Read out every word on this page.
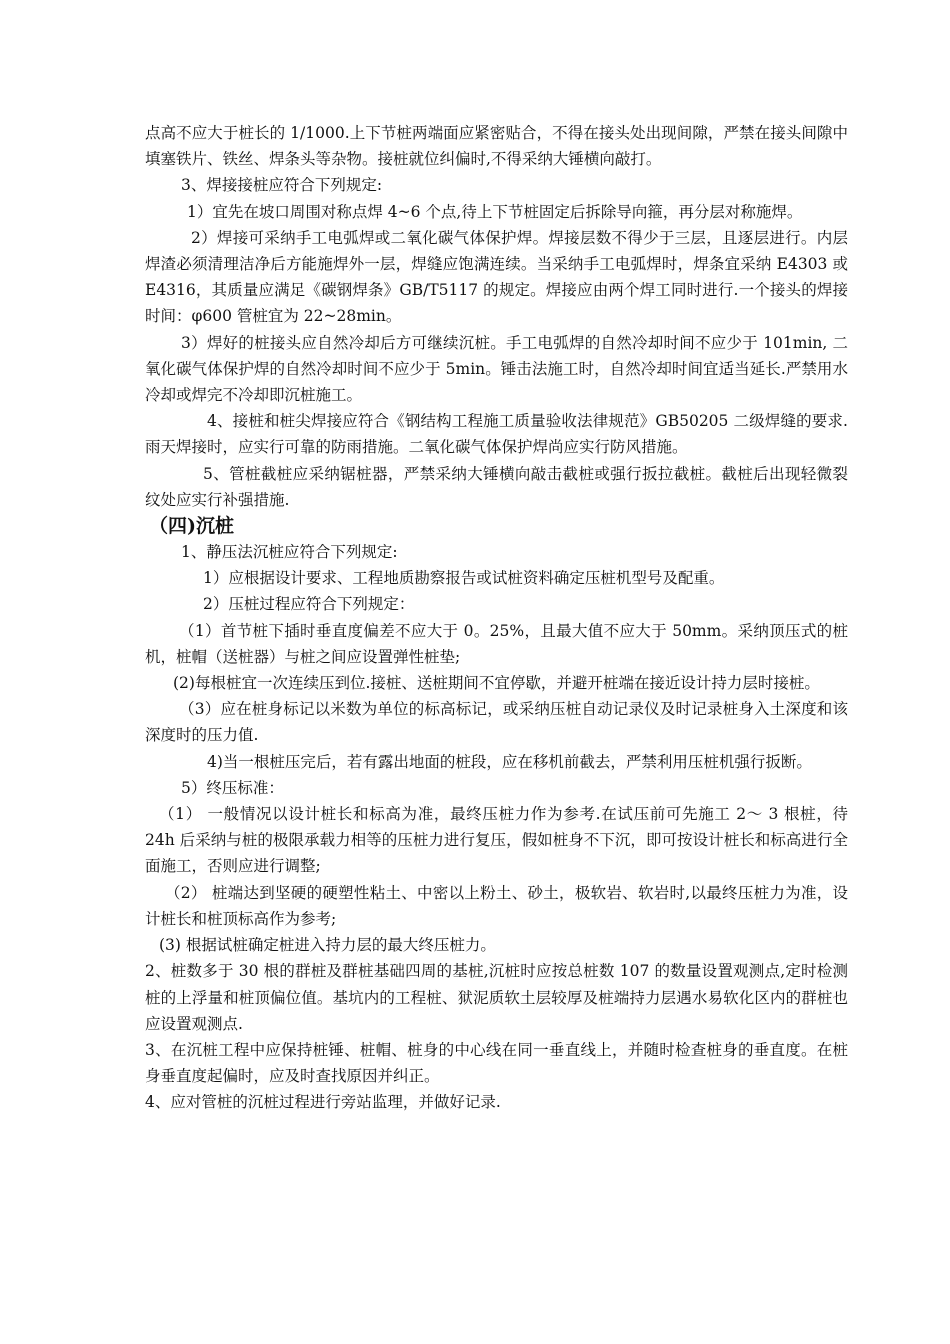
点高不应大于桩长的 1/1000.上下节桩两端面应紧密贴合，不得在接头处出现间隙，严禁在接头间隙中填塞铁片、铁丝、焊条头等杂物。接桩就位纠偏时,不得采纳大锤横向敲打。

3、焊接接桩应符合下列规定:

1）宜先在坡口周围对称点焊 4~6 个点,待上下节桩固定后拆除导向箍，再分层对称施焊。

2）焊接可采纳手工电弧焊或二氧化碳气体保护焊。焊接层数不得少于三层，且逐层进行。内层焊渣必须清理洁净后方能施焊外一层，焊缝应饱满连续。当采纳手工电弧焊时，焊条宜采纳 E4303 或 E4316，其质量应满足《碳钢焊条》GB/T5117 的规定。焊接应由两个焊工同时进行.一个接头的焊接时间：φ600 管桩宜为 22~28min。

3）焊好的桩接头应自然冷却后方可继续沉桩。手工电弧焊的自然冷却时间不应少于 101min, 二氧化碳气体保护焊的自然冷却时间不应少于 5min。锤击法施工时，自然冷却时间宜适当延长.严禁用水冷却或焊完不冷却即沉桩施工。

4、接桩和桩尖焊接应符合《钢结构工程施工质量验收法律规范》GB50205 二级焊缝的要求.雨天焊接时，应实行可靠的防雨措施。二氧化碳气体保护焊尚应实行防风措施。

5、管桩截桩应采纳锯桩器，严禁采纳大锤横向敲击截桩或强行扳拉截桩。截桩后出现轻微裂纹处应实行补强措施.

（四)沉桩

1、静压法沉桩应符合下列规定:

1）应根据设计要求、工程地质勘察报告或试桩资料确定压桩机型号及配重。

2）压桩过程应符合下列规定：

（1）首节桩下插时垂直度偏差不应大于 0。25%，且最大值不应大于 50mm。采纳顶压式的桩机，桩帽（送桩器）与桩之间应设置弹性桩垫;

(2)每根桩宜一次连续压到位.接桩、送桩期间不宜停歇，并避开桩端在接近设计持力层时接桩。

（3）应在桩身标记以米数为单位的标高标记，或采纳压桩自动记录仪及时记录桩身入土深度和该深度时的压力值.

4)当一根桩压完后，若有露出地面的桩段，应在移机前截去，严禁利用压桩机强行扳断。

5）终压标准：

（1） 一般情况以设计桩长和标高为准，最终压桩力作为参考.在试压前可先施工 2～ 3 根桩，待 24h 后采纳与桩的极限承载力相等的压桩力进行复压，假如桩身不下沉，即可按设计桩长和标高进行全面施工，否则应进行调整;

（2） 桩端达到坚硬的硬塑性粘土、中密以上粉土、砂土，极软岩、软岩时,以最终压桩力为准，设计桩长和桩顶标高作为参考;

(3) 根据试桩确定桩进入持力层的最大终压桩力。

2、桩数多于 30 根的群桩及群桩基础四周的基桩,沉桩时应按总桩数 107 的数量设置观测点,定时检测桩的上浮量和桩顶偏位值。基坑内的工程桩、狱泥质软土层较厚及桩端持力层遇水易软化区内的群桩也应设置观测点.

3、在沉桩工程中应保持桩锤、桩帽、桩身的中心线在同一垂直线上，并随时检查桩身的垂直度。在桩身垂直度起偏时，应及时查找原因并纠正。

4、应对管桩的沉桩过程进行旁站监理，并做好记录.
